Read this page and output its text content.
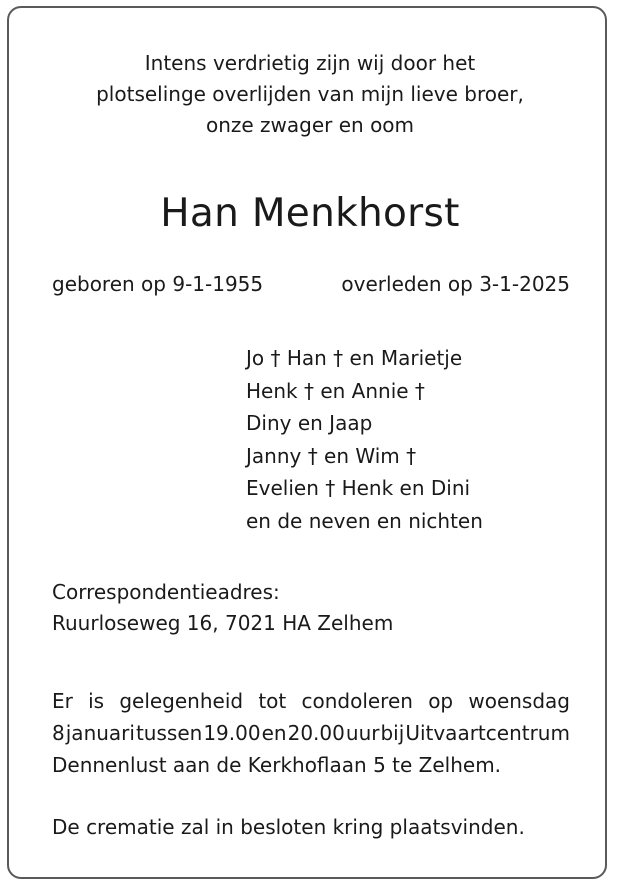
Intens verdrietig zijn wij door het
plotselinge overlijden van mijn lieve broer,
onze zwager en oom
Han Menkhorst
geboren op 9-1-1955	overleden op 3-1-2025
Jo † Han † en Marietje
Henk † en Annie †
Diny en Jaap
Janny † en Wim †
Evelien † Henk en Dini
en de neven en nichten
Correspondentieadres:
Ruurloseweg 16, 7021 HA Zelhem
Er is gelegenheid tot condoleren op woensdag
8 januari tussen 19.00 en 20.00 uur bij Uitvaartcentrum
Dennenlust aan de Kerkhoflaan 5 te Zelhem.
De crematie zal in besloten kring plaatsvinden.
